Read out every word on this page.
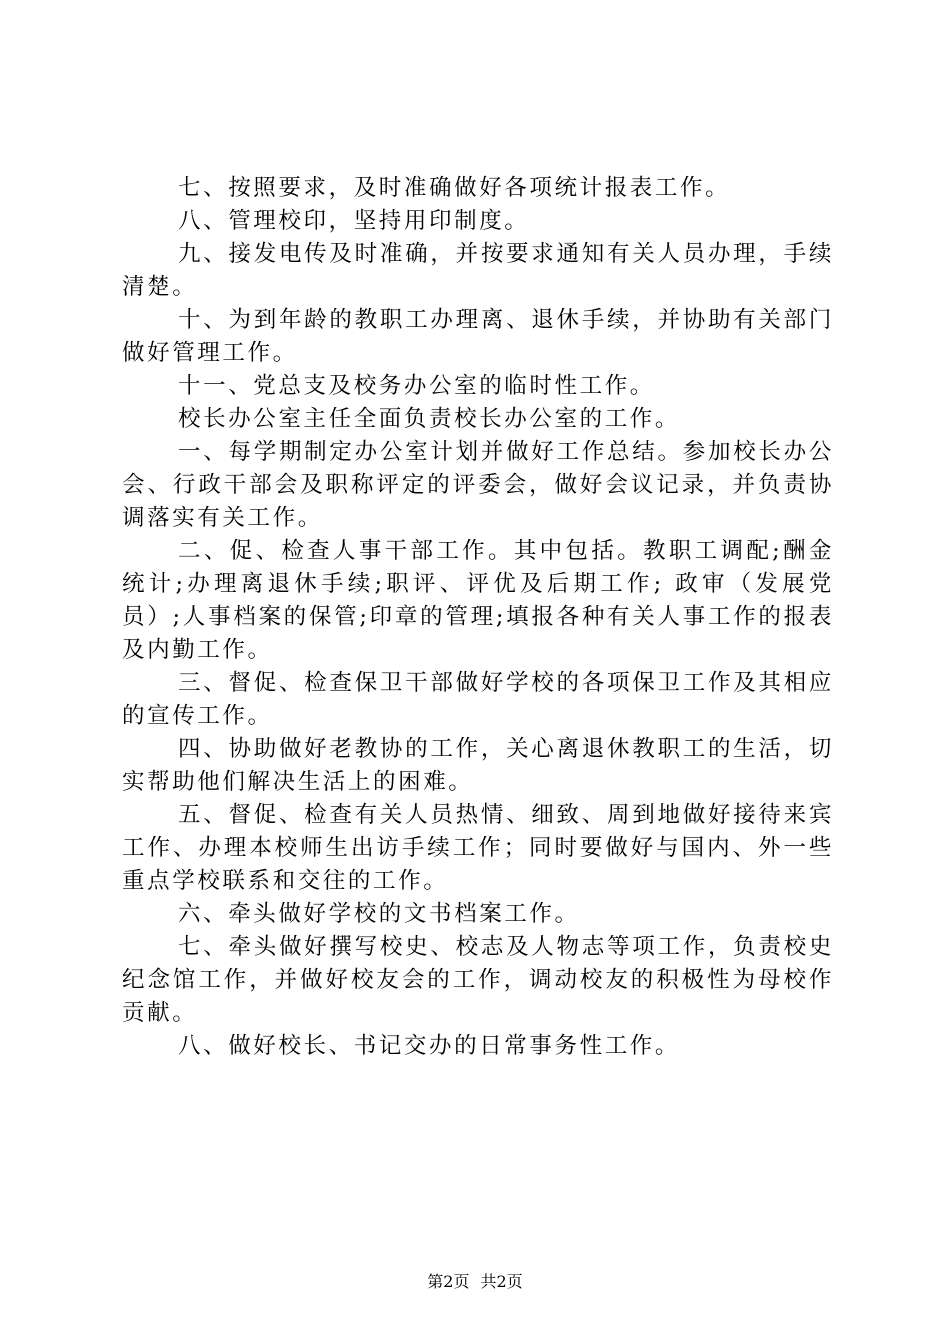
七、按照要求，及时准确做好各项统计报表工作。

八、管理校印，坚持用印制度。

九、接发电传及时准确，并按要求通知有关人员办理，手续清楚。

十、为到年龄的教职工办理离、退休手续，并协助有关部门做好管理工作。

十一、党总支及校务办公室的临时性工作。

校长办公室主任全面负责校长办公室的工作。

一、每学期制定办公室计划并做好工作总结。参加校长办公会、行政干部会及职称评定的评委会，做好会议记录，并负责协调落实有关工作。

二、促、检查人事干部工作。其中包括。教职工调配;酬金统计;办理离退休手续;职评、评优及后期工作; 政审（发展党员）;人事档案的保管;印章的管理;填报各种有关人事工作的报表及内勤工作。

三、督促、检查保卫干部做好学校的各项保卫工作及其相应的宣传工作。

四、协助做好老教协的工作，关心离退休教职工的生活，切实帮助他们解决生活上的困难。

五、督促、检查有关人员热情、细致、周到地做好接待来宾工作、办理本校师生出访手续工作；同时要做好与国内、外一些重点学校联系和交往的工作。

六、牵头做好学校的文书档案工作。

七、牵头做好撰写校史、校志及人物志等项工作，负责校史纪念馆工作，并做好校友会的工作，调动校友的积极性为母校作贡献。

八、做好校长、书记交办的日常事务性工作。

第2页 共2页
